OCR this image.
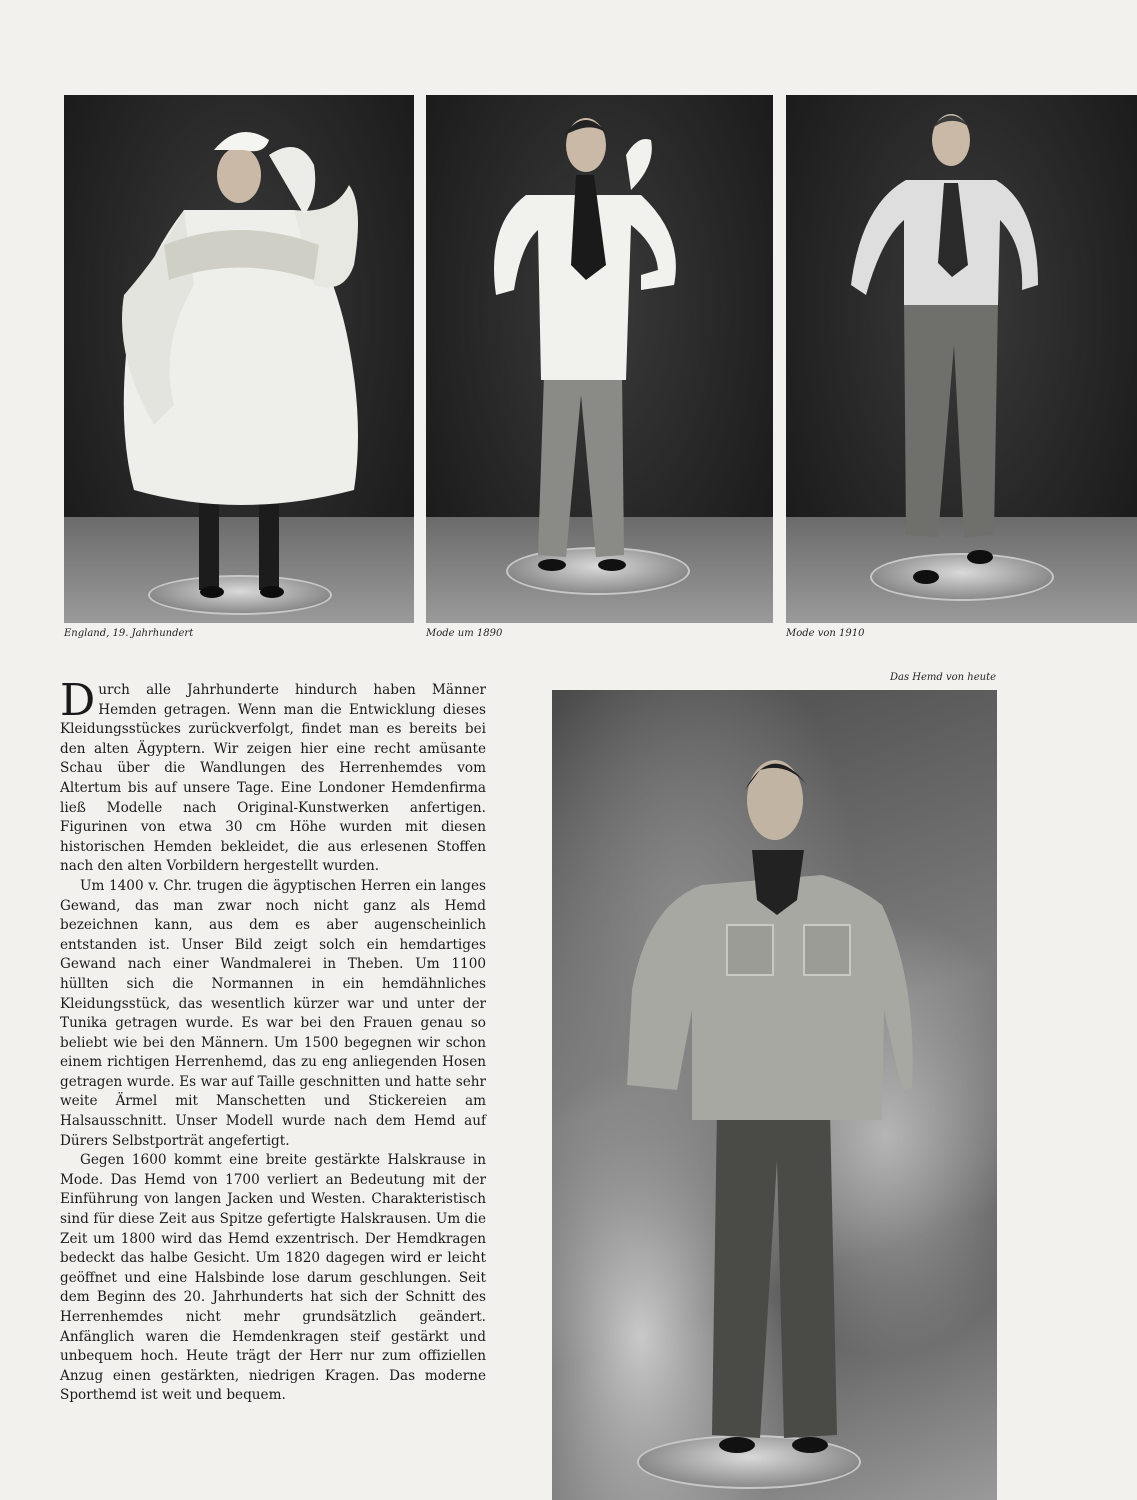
England, 19. Jahrhundert	Mode um 1890	Mode von 1910
Das Hemd von heute

Durch alle Jahrhunderte hindurch haben Männer Hemden getragen. Wenn man die Entwicklung dieses Kleidungsstückes zurückverfolgt, findet man es bereits bei den alten Ägyptern. Wir zeigen hier eine recht amüsante Schau über die Wandlungen des Herrenhemdes vom Altertum bis auf unsere Tage. Eine Londoner Hemdenfirma ließ Modelle nach Original-Kunstwerken anfertigen. Figurinen von etwa 30 cm Höhe wurden mit diesen historischen Hemden bekleidet, die aus erlesenen Stoffen nach den alten Vorbildern hergestellt wurden.

Um 1400 v. Chr. trugen die ägyptischen Herren ein langes Gewand, das man zwar noch nicht ganz als Hemd bezeichnen kann, aus dem es aber augenscheinlich entstanden ist. Unser Bild zeigt solch ein hemdartiges Gewand nach einer Wandmalerei in Theben. Um 1100 hüllten sich die Normannen in ein hemdähnliches Kleidungsstück, das wesentlich kürzer war und unter der Tunika getragen wurde. Es war bei den Frauen genau so beliebt wie bei den Männern. Um 1500 begegnen wir schon einem richtigen Herrenhemd, das zu eng anliegenden Hosen getragen wurde. Es war auf Taille geschnitten und hatte sehr weite Ärmel mit Manschetten und Stickereien am Halsausschnitt. Unser Modell wurde nach dem Hemd auf Dürers Selbstporträt angefertigt.

Gegen 1600 kommt eine breite gestärkte Halskrause in Mode. Das Hemd von 1700 verliert an Bedeutung mit der Einführung von langen Jacken und Westen. Charakteristisch sind für diese Zeit aus Spitze gefertigte Halskrausen. Um die Zeit um 1800 wird das Hemd exzentrisch. Der Hemdkragen bedeckt das halbe Gesicht. Um 1820 dagegen wird er leicht geöffnet und eine Halsbinde lose darum geschlungen. Seit dem Beginn des 20. Jahrhunderts hat sich der Schnitt des Herrenhemdes nicht mehr grundsätzlich geändert. Anfänglich waren die Hemdenkragen steif gestärkt und unbequem hoch. Heute trägt der Herr nur zum offiziellen Anzug einen gestärkten, niedrigen Kragen. Das moderne Sporthemd ist weit und bequem.
